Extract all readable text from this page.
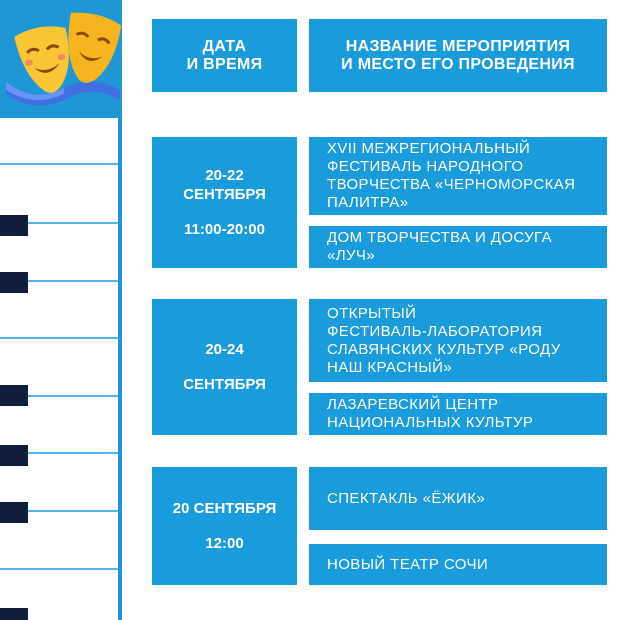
ДАТА
И ВРЕМЯ
НАЗВАНИЕ МЕРОПРИЯТИЯ
И МЕСТО ЕГО ПРОВЕДЕНИЯ
20-22
СЕНТЯБРЯ
11:00-20:00
XVII МЕЖРЕГИОНАЛЬНЫЙ
ФЕСТИВАЛЬ НАРОДНОГО
ТВОРЧЕСТВА «ЧЕРНОМОРСКАЯ
ПАЛИТРА»
ДОМ ТВОРЧЕСТВА И ДОСУГА
«ЛУЧ»
20-24
СЕНТЯБРЯ
ОТКРЫТЫЙ
ФЕСТИВАЛЬ-ЛАБОРАТОРИЯ
СЛАВЯНСКИХ КУЛЬТУР «РОДУ
НАШ КРАСНЫЙ»
ЛАЗАРЕВСКИЙ ЦЕНТР
НАЦИОНАЛЬНЫХ КУЛЬТУР
20 СЕНТЯБРЯ
12:00
СПЕКТАКЛЬ «ЁЖИК»
НОВЫЙ ТЕАТР СОЧИ
